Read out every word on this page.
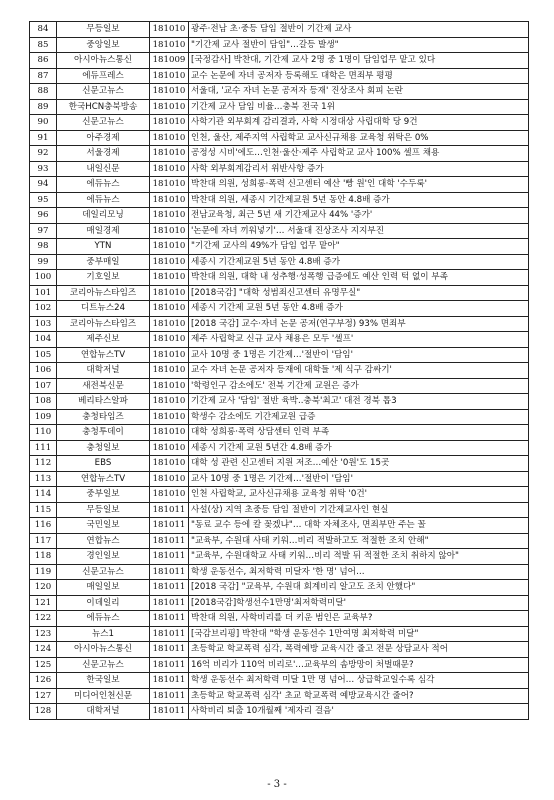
84	무등일보	181010	광주·전남 초·중등 담임 절반이 기간제 교사
85	중앙일보	181010	"기간제 교사 절반이 담임"…갈등 발생"
86	아시아뉴스통신	181009	[국정감사] 박찬대, 기간제 교사 2명 중 1명이 담임업무 맡고 있다
87	에듀프레스	181010	교수 논문에 자녀 공저자 등록해도 대학은 면죄부 평평
88	신문고뉴스	181010	서울대, '교수 자녀 논문 공저자 등재' 진상조사 회피 논란
89	한국HCN충북방송	181010	기간제 교사 담임 비율…충북 전국 1위
90	신문고뉴스	181010	사학기관 외부회계 감리결과, 사학 시정대상 사립대학 당 9건
91	아주경제	181010	인천, 울산, 제주지역 사립학교 교사신규채용 교육청 위탁은 0%
92	서울경제	181010	공정성 시비'에도…인천·울산·제주 사립학교 교사 100% 셀프 채용
93	내일신문	181010	사학 외부회계감리서 위반사항 증가
94	에듀뉴스	181010	박찬대 의원, 성희롱·폭력 신고센터 예산 '빵 원'인 대학 '수두룩'
95	에듀뉴스	181010	박찬대 의원, 세종시 기간제교원 5년 동안 4.8배 증가
96	데일리모닝	181010	전남교육청, 최근 5년 새 기간제교사 44% '증가'
97	매일경제	181010	'논문에 자녀 끼워넣기'… 서울대 진상조사 지지부진
98	YTN	181010	"기간제 교사의 49%가 담임 업무 맡아"
99	중부매일	181010	세종시 기간제교원 5년 동안 4.8배 증가
100	기호일보	181010	박찬대 의원, 대학 내 성추행·성폭행 급증에도 예산 인력 턱 없이 부족
101	코리아뉴스타임즈	181010	[2018국감] "대학 성범죄신고센터 유명무실"
102	디트뉴스24	181010	세종시 기간제 교원 5년 동안 4.8배 증가
103	코리아뉴스타임즈	181010	[2018 국감] 교수·자녀 논문 공저(연구부정) 93% 면죄부
104	제주신보	181010	제주 사립학교 신규 교사 채용은 모두 '셀프'
105	연합뉴스TV	181010	교사 10명 중 1명은 기간제…'절반이 '담임'
106	대학저널	181010	교수 자녀 논문 공저자 등재에 대학들 '제 식구 감싸기'
107	새전북신문	181010	'학령인구 감소에도' 전북 기간제 교원은 증가
108	베리타스알파	181010	기간제 교사 '담임' 절반 육박..충북'최고' 대전 경북 톱3
109	충청타임즈	181010	학생수 감소에도 기간제교원 급증
110	충청투데이	181010	대학 성희롱·폭력 상담센터 인력 부족
111	충청일보	181010	세종시 기간제 교원 5년간 4.8배 증가
112	EBS	181010	대학 성 관련 신고센터 지원 저조…예산 '0원'도 15곳
113	연합뉴스TV	181010	교사 10명 중 1명은 기간제…'절반이 '담임'
114	중부일보	181010	인천 사립학교, 교사신규채용 교육청 위탁 '0건'
115	무등일보	181011	사설(상) 지역 초중등 담임 절반이 기간제교사인 현실
116	국민일보	181011	"동료 교수 등에 칼 꽂겠냐"… 대학 자체조사, 면죄부만 주는 꼴
117	연합뉴스	181011	"교육부, 수원대 사태 키워…비리 적발하고도 적절한 조치 안해"
118	경인일보	181011	"교육부, 수원대학교 사태 키워…비리 적발 뒤 적절한 조치 취하지 않아"
119	신문고뉴스	181011	학생 운동선수, 최저학력 미달자 '한 명' 넘어…
120	매일일보	181011	[2018 국감] "교육부, 수원대 회계비리 알고도 조치 안했다"
121	이데일리	181011	[2018국감]학생선수1만명'최저학력미달'
122	에듀뉴스	181011	박찬대 의원, 사학비리를 더 키운 범인은 교육부?
123	뉴스1	181011	[국감브리핑] 박찬대 "학생 운동선수 1만여명 최저학력 미달"
124	아시아뉴스통신	181011	초등학교 학교폭력 심각, 폭력예방 교육시간 줄고 전문 상담교사 적어
125	신문고뉴스	181011	16억 비리가 110억 비리로'…교육부의 솜방망이 처벌때문?
126	한국일보	181011	학생 운동선수 최저학력 미달 1만 명 넘어… 상급학교일수록 심각
127	미디어인천신문	181011	초등학교 학교폭력 심각' 초교 학교폭력 예방교육시간 줄어?
128	대학저널	181011	사학비리 퇴출 10개월째 '제자리 걸음'
- 3 -
